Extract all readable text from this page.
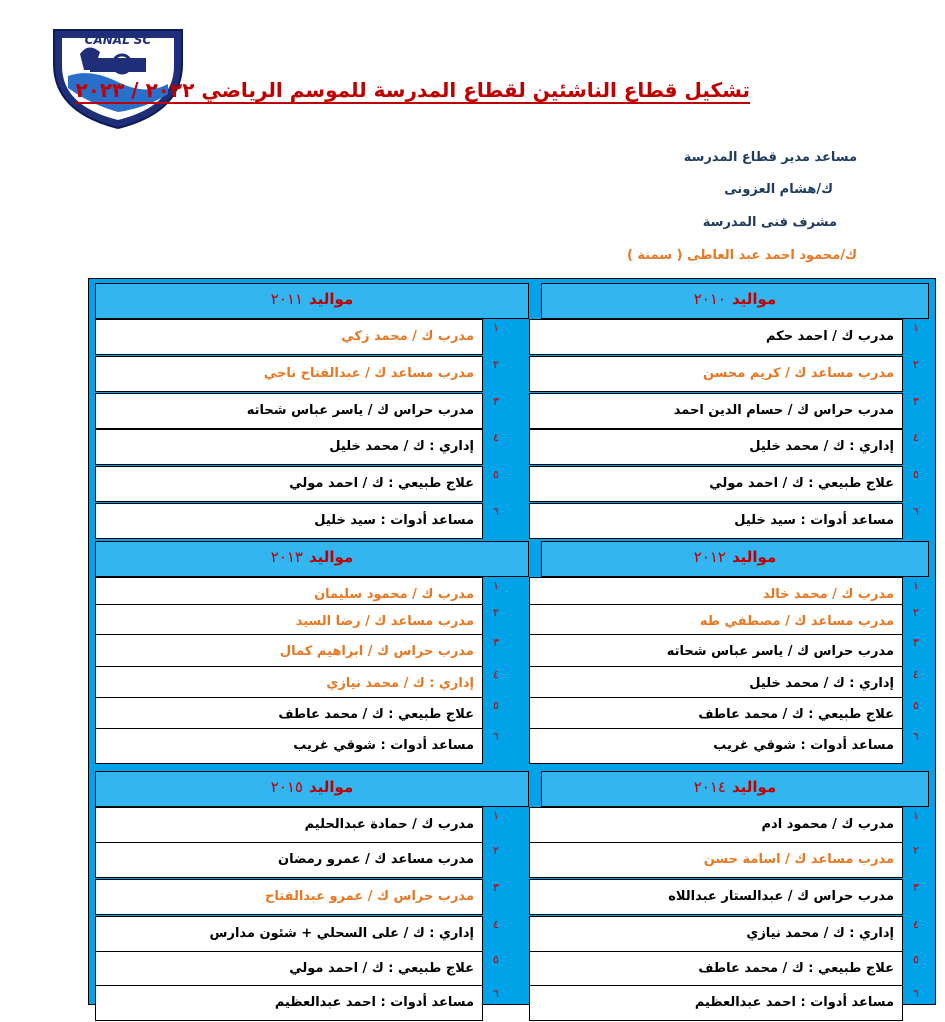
CANAL SC
تشكيل قطاع الناشئين لقطاع المدرسة للموسم الرياضي ٢٠٢٢ / ٢٠٢٣
مساعد مدير قطاع المدرسة
ك/هشام العزونى
مشرف فنى المدرسة
ك/محمود احمد عبد العاطى ( سمنة )
مواليد٢٠١٠
مواليد٢٠١١
مدرب ك / محمد زكي
١
مدرب ك / احمد حكم
١
مدرب مساعد ك / عبدالفتاح ناجي
٢
مدرب مساعد ك / كريم محسن
٢
مدرب حراس ك / ياسر عباس شحاته
٣
مدرب حراس ك / حسام الدين احمد
٣
إداري : ك / محمد خليل
٤
إداري : ك / محمد خليل
٤
علاج طبيعي : ك / احمد مولي
٥
علاج طبيعي : ك / احمد مولي
٥
مساعد أدوات : سيد خليل
٦
مساعد أدوات : سيد خليل
٦
مواليد٢٠١٢
مواليد٢٠١٣
مدرب ك / محمود سليمان
١
مدرب ك / محمد خالد
١
مدرب مساعد ك / رضا السيد
٢
مدرب مساعد ك / مصطفي طه
٢
مدرب حراس ك / ابراهيم كمال
٣
مدرب حراس ك / ياسر عباس شحاته
٣
إداري : ك / محمد نيازي
٤
إداري : ك / محمد خليل
٤
علاج طبيعي : ك / محمد عاطف
٥
علاج طبيعي : ك / محمد عاطف
٥
مساعد أدوات : شوقي غريب
٦
مساعد أدوات : شوقي غريب
٦
مواليد٢٠١٤
مواليد٢٠١٥
مدرب ك / حمادة عبدالحليم
١
مدرب ك / محمود ادم
١
مدرب مساعد ك / عمرو رمضان
٢
مدرب مساعد ك / اسامة حسن
٢
مدرب حراس ك / عمرو عبدالفتاح
٣
مدرب حراس ك / عبدالستار عبداللاه
٣
إداري : ك / على السحلي + شئون مدارس
٤
إداري : ك / محمد نيازي
٤
علاج طبيعي : ك / احمد مولي
٥
علاج طبيعي : ك / محمد عاطف
٥
مساعد أدوات : احمد عبدالعظيم
٦
مساعد أدوات : احمد عبدالعظيم
٦
